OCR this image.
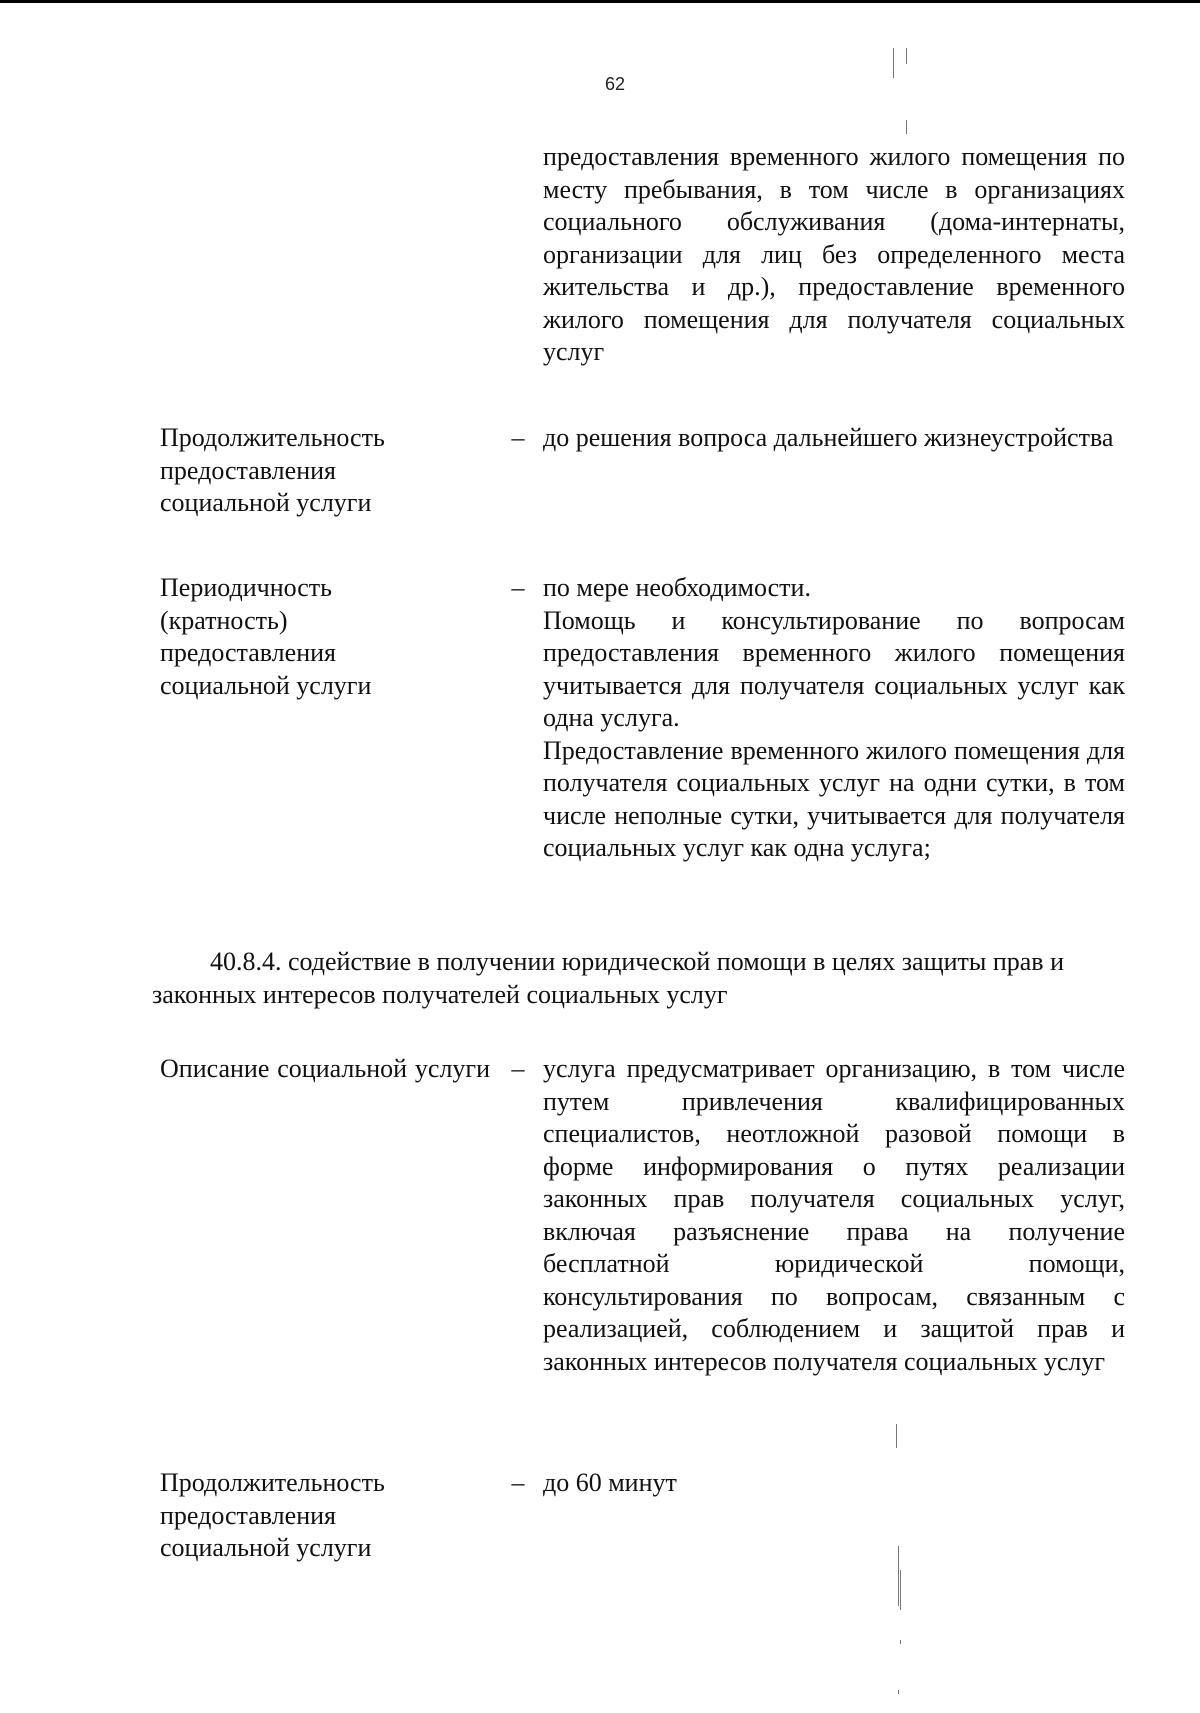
62

предоставления временного жилого помещения по месту пребывания, в том числе в организациях социального обслуживания (дома-интернаты, организации для лиц без определенного места жительства и др.), предоставление временного жилого помещения для получателя социальных услуг

Продолжительность предоставления социальной услуги
– до решения вопроса дальнейшего жизнеустройства

Периодичность (кратность) предоставления социальной услуги
– по мере необходимости.

Помощь и консультирование по вопросам предоставления временного жилого помещения учитывается для получателя социальных услуг как одна услуга.

Предоставление временного жилого помещения для получателя социальных услуг на одни сутки, в том числе неполные сутки, учитывается для получателя социальных услуг как одна услуга;

40.8.4. содействие в получении юридической помощи в целях защиты прав и законных интересов получателей социальных услуг
Описание социальной услуги – услуга предусматривает организацию, в том числе путем привлечения квалифицированных специалистов, неотложной разовой помощи в форме информирования о путях реализации законных прав получателя социальных услуг, включая разъяснение права на получение бесплатной юридической помощи, консультирования по вопросам, связанным с реализацией, соблюдением и защитой прав и законных интересов получателя социальных услуг

Продолжительность предоставления социальной услуги
– до 60 минут
